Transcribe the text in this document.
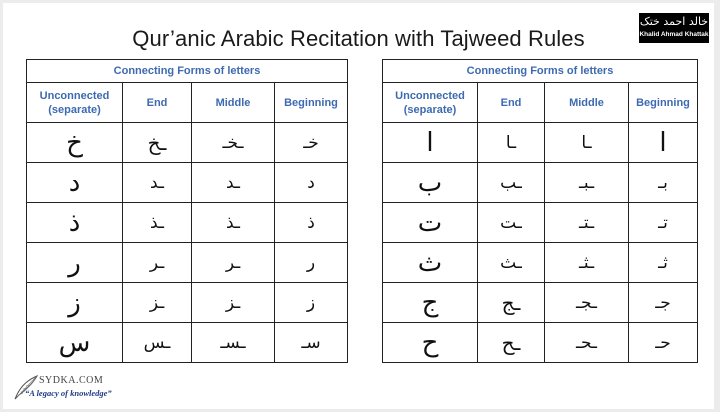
Qur’anic Arabic Recitation with Tajweed Rules
خالد احمد ختک
Khalid Ahmad Khattak
Connecting Forms of letters			
Unconnected (separate)	End	Middle	Beginning
خ	ـخ	ـخـ	خـ
د	ـد	ـد	د
ذ	ـذ	ـذ	ذ
ر	ـر	ـر	ر
ز	ـز	ـز	ز
س	ـس	ـسـ	سـ
Connecting Forms of letters			
Unconnected (separate)	End	Middle	Beginning
ا	ـا	ـا	ا
ب	ـب	ـبـ	بـ
ت	ـت	ـتـ	تـ
ث	ـث	ـثـ	ثـ
ج	ـج	ـجـ	جـ
ح	ـح	ـحـ	حـ
SYDKA.COM
“A legacy of knowledge”
